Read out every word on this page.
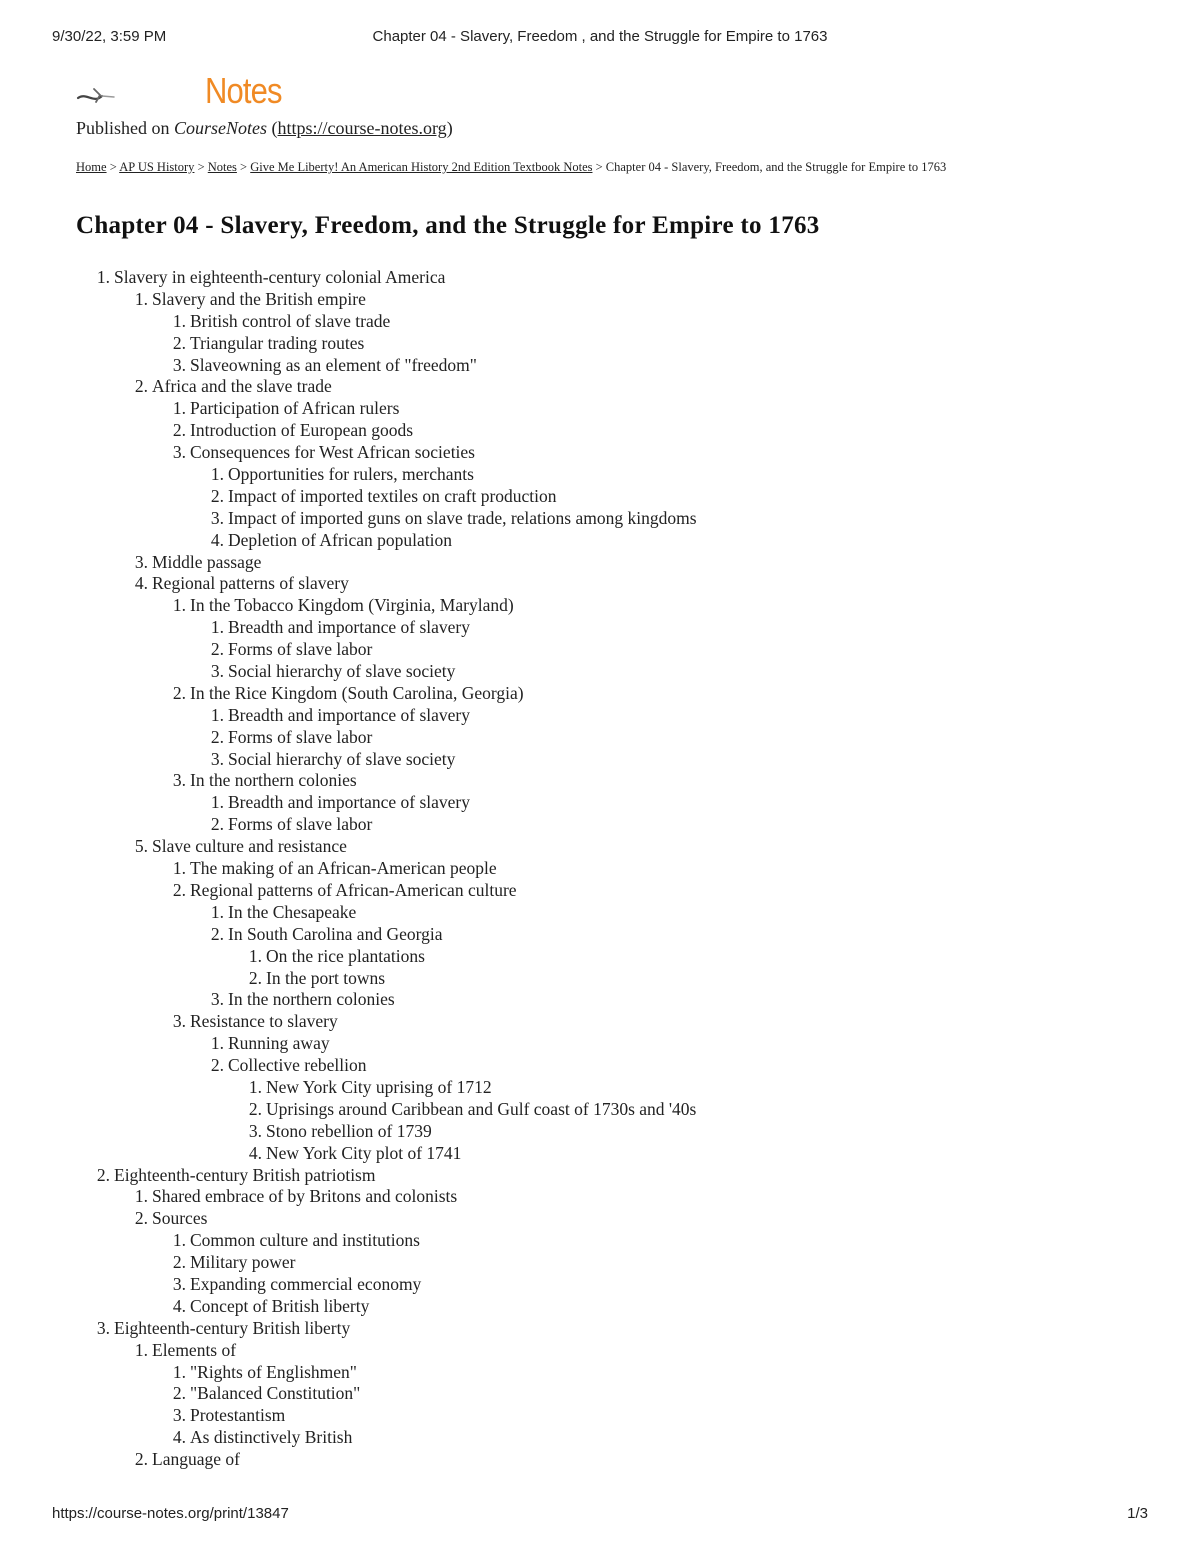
9/30/22, 3:59 PM	Chapter 04 - Slavery, Freedom , and the Struggle for Empire to 1763
Notes
Published on CourseNotes (https://course-notes.org)
Home > AP US History > Notes > Give Me Liberty! An American History 2nd Edition Textbook Notes > Chapter 04 - Slavery, Freedom, and the Struggle for Empire to 1763
Chapter 04 - Slavery, Freedom, and the Struggle for Empire to 1763
1. Slavery in eighteenth-century colonial America
1. Slavery and the British empire
1. British control of slave trade
2. Triangular trading routes
3. Slaveowning as an element of "freedom"
2. Africa and the slave trade
1. Participation of African rulers
2. Introduction of European goods
3. Consequences for West African societies
1. Opportunities for rulers, merchants
2. Impact of imported textiles on craft production
3. Impact of imported guns on slave trade, relations among kingdoms
4. Depletion of African population
3. Middle passage
4. Regional patterns of slavery
1. In the Tobacco Kingdom (Virginia, Maryland)
1. Breadth and importance of slavery
2. Forms of slave labor
3. Social hierarchy of slave society
2. In the Rice Kingdom (South Carolina, Georgia)
1. Breadth and importance of slavery
2. Forms of slave labor
3. Social hierarchy of slave society
3. In the northern colonies
1. Breadth and importance of slavery
2. Forms of slave labor
5. Slave culture and resistance
1. The making of an African-American people
2. Regional patterns of African-American culture
1. In the Chesapeake
2. In South Carolina and Georgia
1. On the rice plantations
2. In the port towns
3. In the northern colonies
3. Resistance to slavery
1. Running away
2. Collective rebellion
1. New York City uprising of 1712
2. Uprisings around Caribbean and Gulf coast of 1730s and '40s
3. Stono rebellion of 1739
4. New York City plot of 1741
2. Eighteenth-century British patriotism
1. Shared embrace of by Britons and colonists
2. Sources
1. Common culture and institutions
2. Military power
3. Expanding commercial economy
4. Concept of British liberty
3. Eighteenth-century British liberty
1. Elements of
1. "Rights of Englishmen"
2. "Balanced Constitution"
3. Protestantism
4. As distinctively British
2. Language of
https://course-notes.org/print/13847	1/3
